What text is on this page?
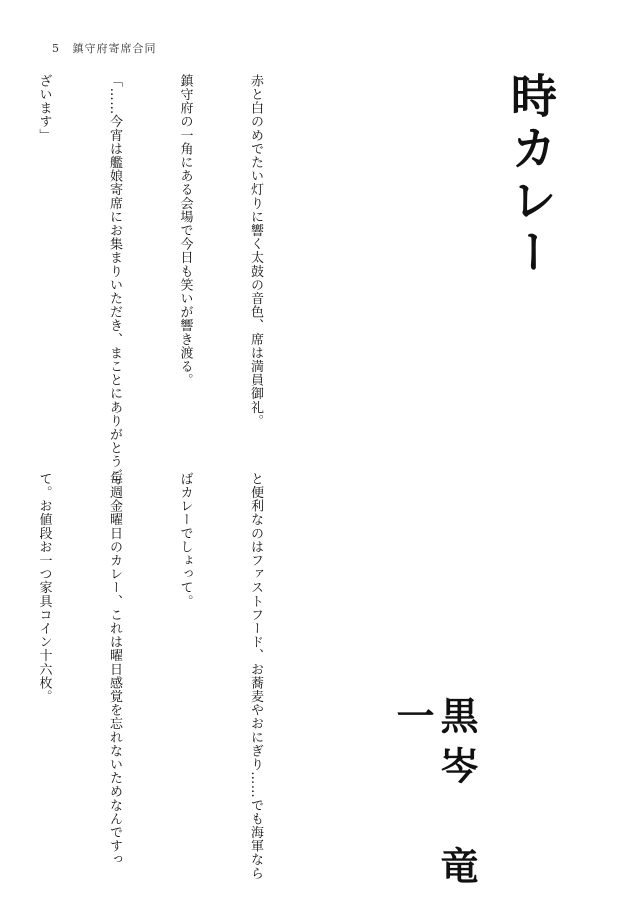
5 鎮守府寄席合同
時カレー
黒岑　竜一

赤と白のめでたい灯りに響く太鼓の音色、席は満員御礼。

鎮守府の一角にある会場で今日も笑いが響き渡る。

「……今宵は艦娘寄席にお集まりいただき、まことにありがとうご

ざいます」

と便利なのはファストフード、お蕎麦やおにぎり……でも海軍なら

ばカレーでしょって。

毎週金曜日のカレー、これは曜日感覚を忘れないためなんですっ

て。お値段お一つ家具コイン十六枚。
